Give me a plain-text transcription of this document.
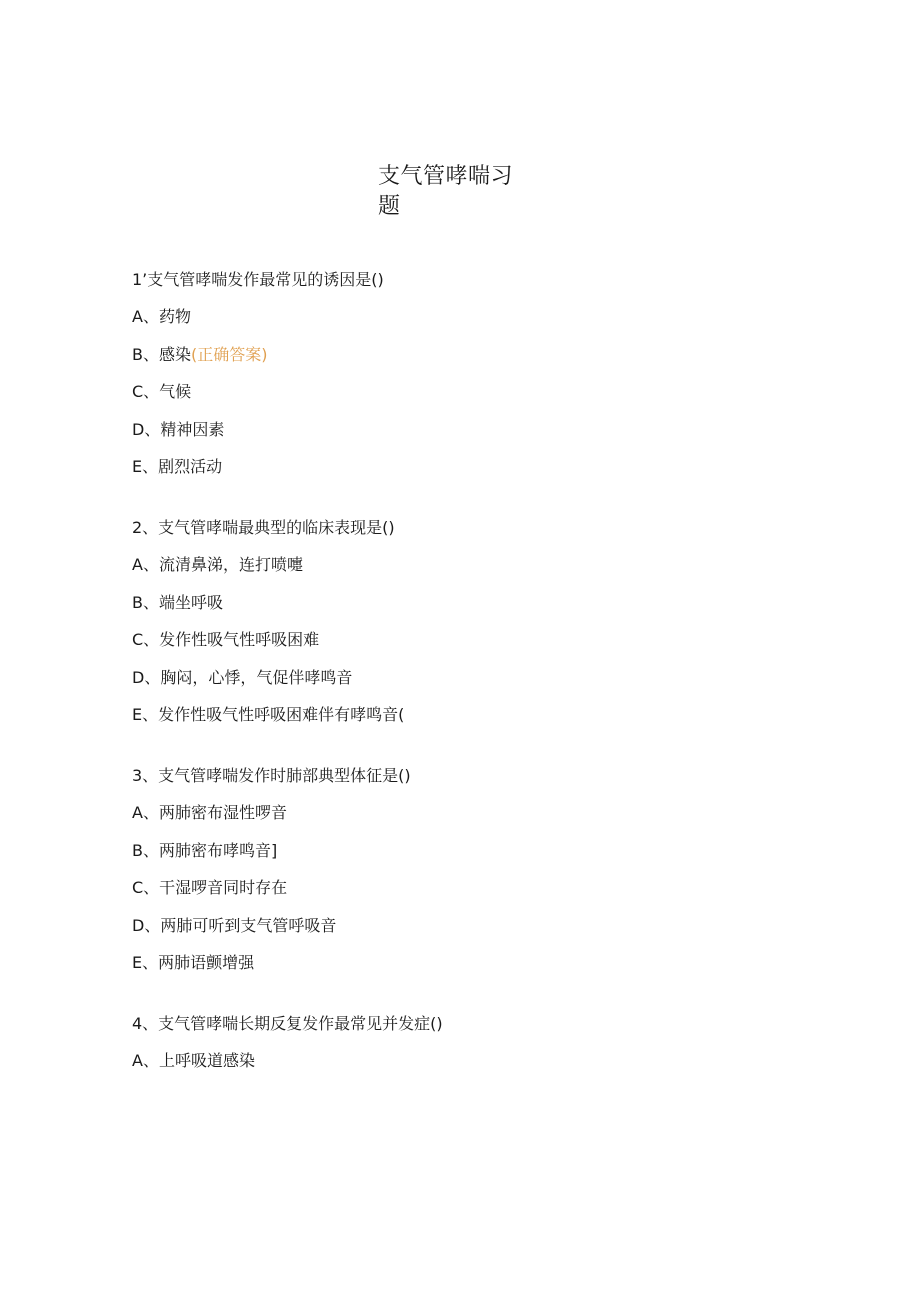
支气管哮喘习题
1’支气管哮喘发作最常见的诱因是()
A、药物
B、感染(正确答案)
C、气候
D、精神因素
E、剧烈活动
2、支气管哮喘最典型的临床表现是()
A、流清鼻涕，连打喷嚏
B、端坐呼吸
C、发作性吸气性呼吸困难
D、胸闷，心悸，气促伴哮鸣音
E、发作性吸气性呼吸困难伴有哮鸣音(
3、支气管哮喘发作时肺部典型体征是()
A、两肺密布湿性啰音
B、两肺密布哮鸣音]
C、干湿啰音同时存在
D、两肺可听到支气管呼吸音
E、两肺语颤增强
4、支气管哮喘长期反复发作最常见并发症()
A、上呼吸道感染
